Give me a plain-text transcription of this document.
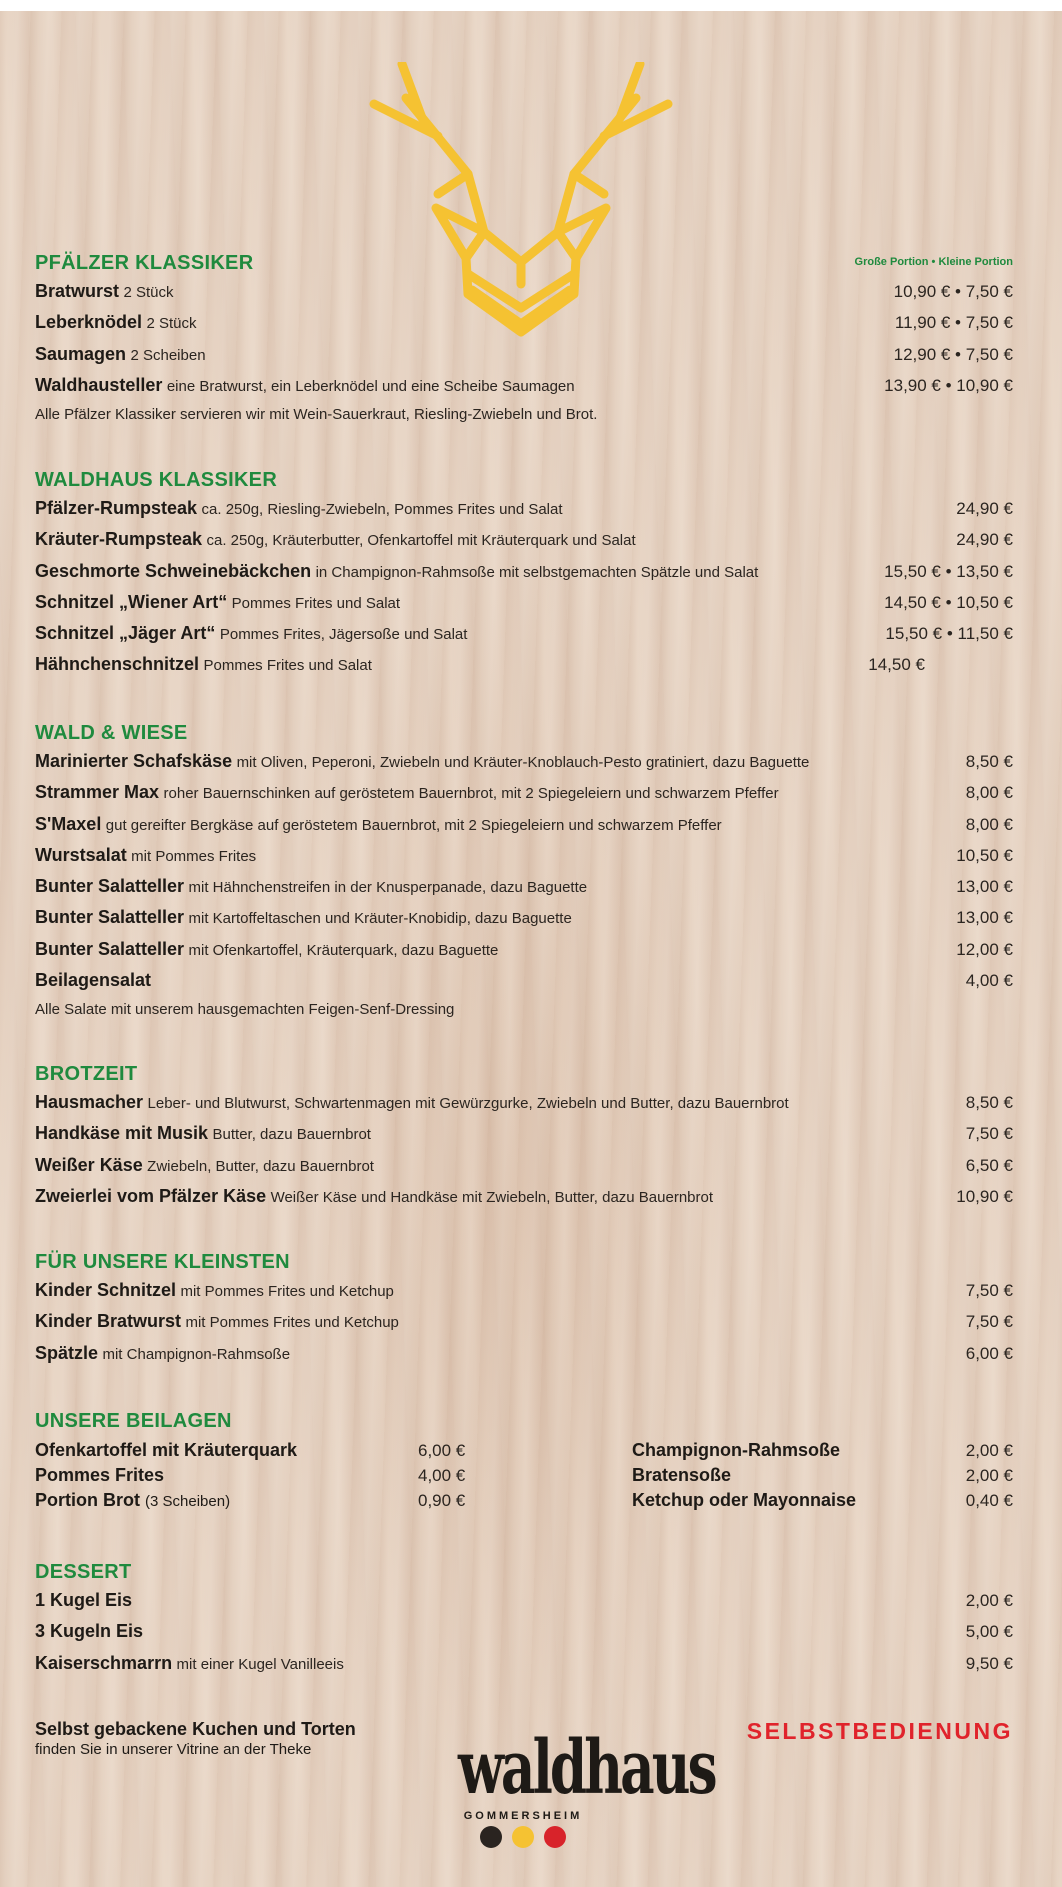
PFÄLZER KLASSIKER	Große Portion • Kleine Portion
Bratwurst 2 Stück	10,90 € • 7,50 €
Leberknödel 2 Stück	11,90 € • 7,50 €
Saumagen 2 Scheiben	12,90 € • 7,50 €
Waldhausteller eine Bratwurst, ein Leberknödel und eine Scheibe Saumagen	13,90 € • 10,90 €
Alle Pfälzer Klassiker servieren wir mit Wein-Sauerkraut, Riesling-Zwiebeln und Brot.
WALDHAUS KLASSIKER
Pfälzer-Rumpsteak ca. 250g, Riesling-Zwiebeln, Pommes Frites und Salat	24,90 €
Kräuter-Rumpsteak ca. 250g, Kräuterbutter, Ofenkartoffel mit Kräuterquark und Salat	24,90 €
Geschmorte Schweinebäckchen in Champignon-Rahmsoße mit selbstgemachten Spätzle und Salat	15,50 € • 13,50 €
Schnitzel „Wiener Art“ Pommes Frites und Salat	14,50 € • 10,50 €
Schnitzel „Jäger Art“ Pommes Frites, Jägersoße und Salat	15,50 € • 11,50 €
Hähnchenschnitzel Pommes Frites und Salat	14,50 €
WALD & WIESE
Marinierter Schafskäse mit Oliven, Peperoni, Zwiebeln und Kräuter-Knoblauch-Pesto gratiniert, dazu Baguette	8,50 €
Strammer Max roher Bauernschinken auf geröstetem Bauernbrot, mit 2 Spiegeleiern und schwarzem Pfeffer	8,00 €
S'Maxel gut gereifter Bergkäse auf geröstetem Bauernbrot, mit 2 Spiegeleiern und schwarzem Pfeffer	8,00 €
Wurstsalat mit Pommes Frites	10,50 €
Bunter Salatteller mit Hähnchenstreifen in der Knusperpanade, dazu Baguette	13,00 €
Bunter Salatteller mit Kartoffeltaschen und Kräuter-Knobidip, dazu Baguette	13,00 €
Bunter Salatteller mit Ofenkartoffel, Kräuterquark, dazu Baguette	12,00 €
Beilagensalat	4,00 €
Alle Salate mit unserem hausgemachten Feigen-Senf-Dressing
BROTZEIT
Hausmacher Leber- und Blutwurst, Schwartenmagen mit Gewürzgurke, Zwiebeln und Butter, dazu Bauernbrot	8,50 €
Handkäse mit Musik Butter, dazu Bauernbrot	7,50 €
Weißer Käse Zwiebeln, Butter, dazu Bauernbrot	6,50 €
Zweierlei vom Pfälzer Käse Weißer Käse und Handkäse mit Zwiebeln, Butter, dazu Bauernbrot	10,90 €
FÜR UNSERE KLEINSTEN
Kinder Schnitzel mit Pommes Frites und Ketchup	7,50 €
Kinder Bratwurst mit Pommes Frites und Ketchup	7,50 €
Spätzle mit Champignon-Rahmsoße	6,00 €
UNSERE BEILAGEN
Ofenkartoffel mit Kräuterquark	6,00 €
Pommes Frites	4,00 €
Portion Brot (3 Scheiben)	0,90 €
Champignon-Rahmsoße	2,00 €
Bratensoße	2,00 €
Ketchup oder Mayonnaise	0,40 €
DESSERT
1 Kugel Eis	2,00 €
3 Kugeln Eis	5,00 €
Kaiserschmarrn mit einer Kugel Vanilleeis	9,50 €
Selbst gebackene Kuchen und Torten
finden Sie in unserer Vitrine an der Theke
SELBSTBEDIENUNG
waldhaus
GOMMERSHEIM
